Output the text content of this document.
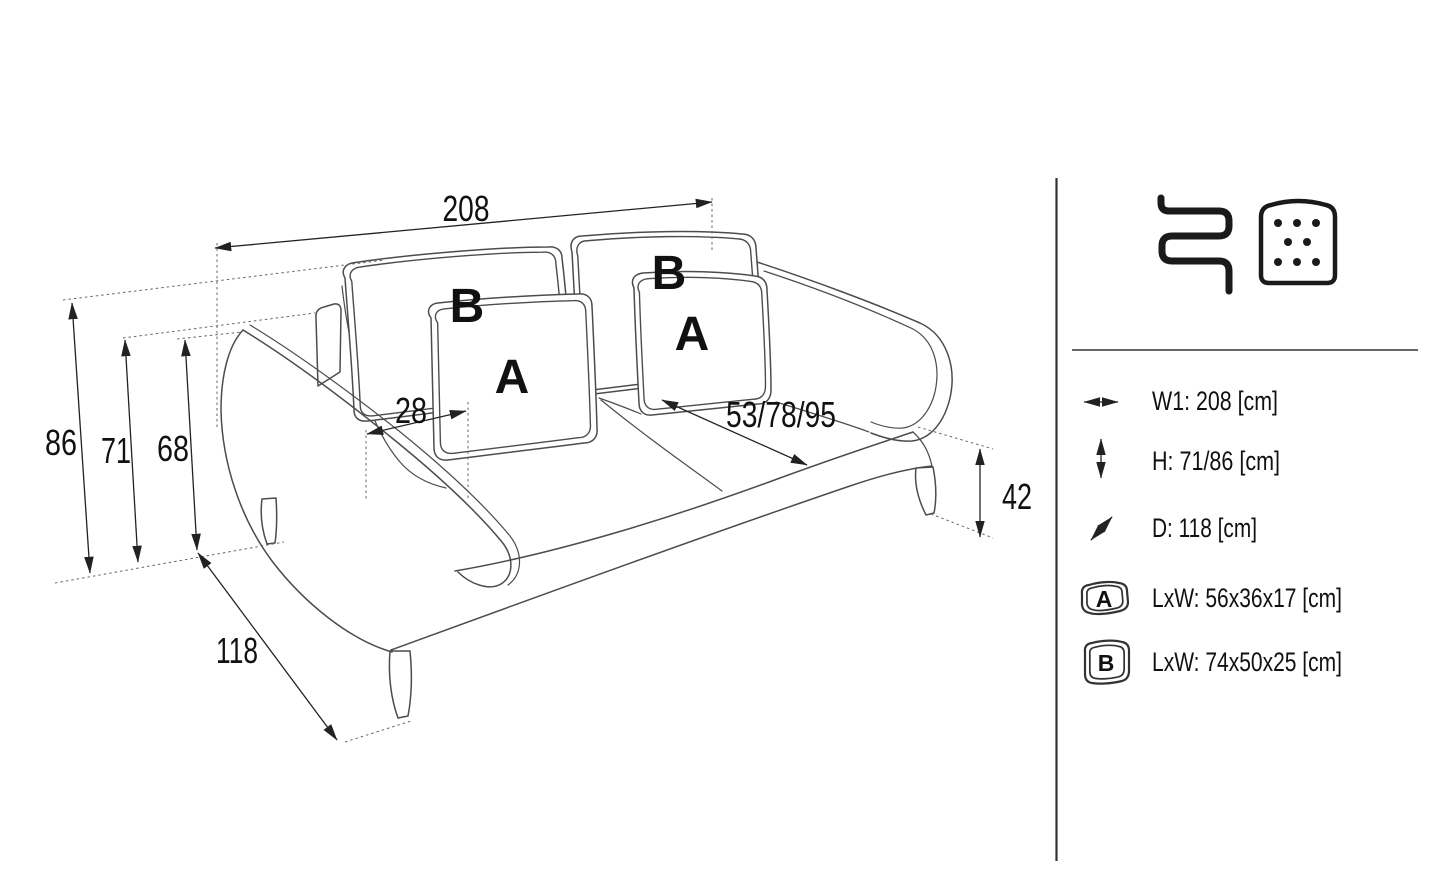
B
B
A
A
208
86 71 68
28	53/78/95
42
118
W1: 208 [cm]
H: 71/86 [cm]
D: 118 [cm]
A LxW: 56x36x17 [cm]
B LxW: 74x50x25 [cm]
